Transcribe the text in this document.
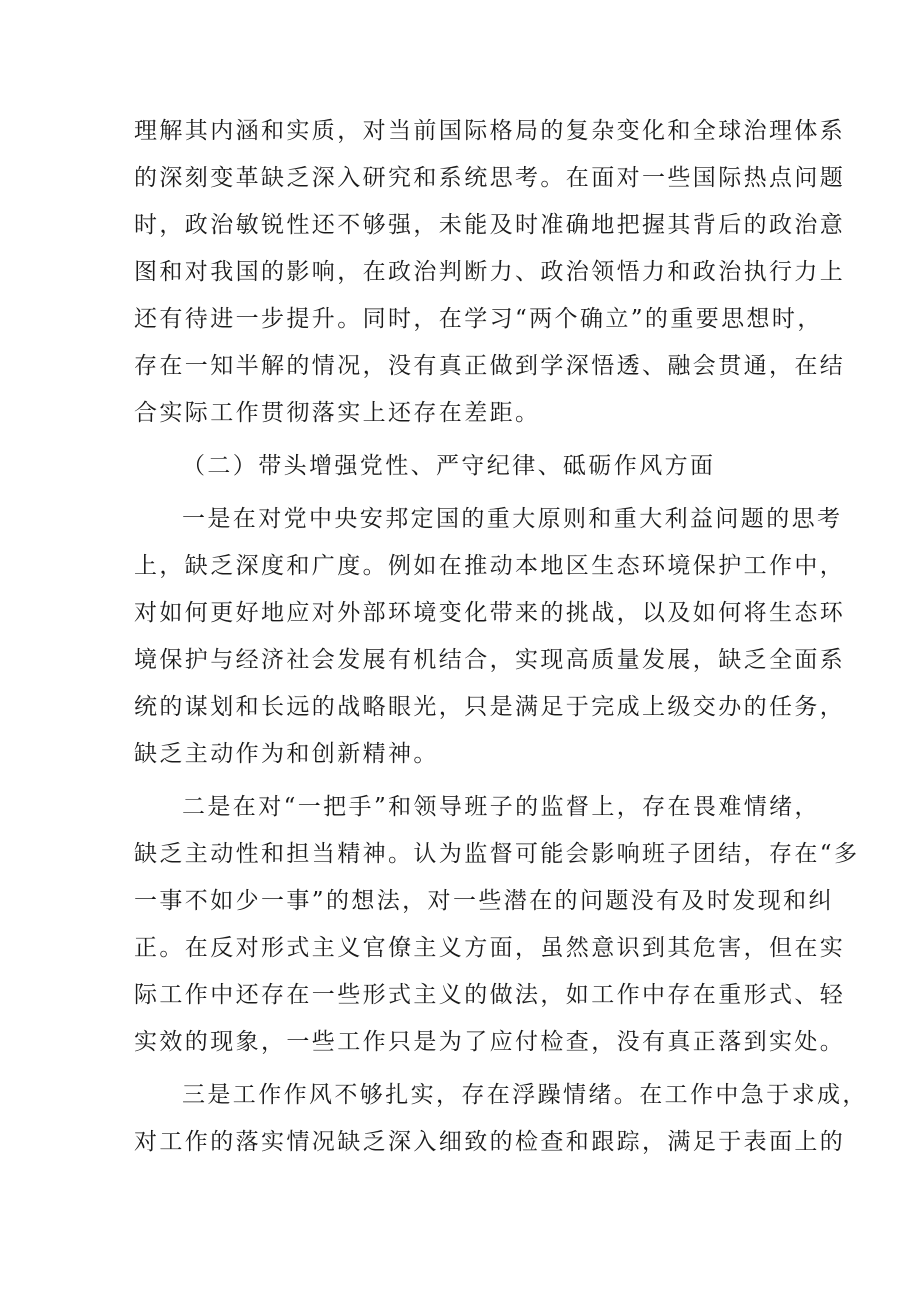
理解其内涵和实质，对当前国际格局的复杂变化和全球治理体系

的深刻变革缺乏深入研究和系统思考。在面对一些国际热点问题

时，政治敏锐性还不够强，未能及时准确地把握其背后的政治意

图和对我国的影响，在政治判断力、政治领悟力和政治执行力上

还有待进一步提升。同时，在学习“两个确立”的重要思想时，

存在一知半解的情况，没有真正做到学深悟透、融会贯通，在结

合实际工作贯彻落实上还存在差距。

（二）带头增强党性、严守纪律、砥砺作风方面

一是在对党中央安邦定国的重大原则和重大利益问题的思考

上，缺乏深度和广度。例如在推动本地区生态环境保护工作中，

对如何更好地应对外部环境变化带来的挑战，以及如何将生态环

境保护与经济社会发展有机结合，实现高质量发展，缺乏全面系

统的谋划和长远的战略眼光，只是满足于完成上级交办的任务，

缺乏主动作为和创新精神。

二是在对“一把手”和领导班子的监督上，存在畏难情绪，

缺乏主动性和担当精神。认为监督可能会影响班子团结，存在“多

一事不如少一事”的想法，对一些潜在的问题没有及时发现和纠

正。在反对形式主义官僚主义方面，虽然意识到其危害，但在实

际工作中还存在一些形式主义的做法，如工作中存在重形式、轻

实效的现象，一些工作只是为了应付检查，没有真正落到实处。

三是工作作风不够扎实，存在浮躁情绪。在工作中急于求成，

对工作的落实情况缺乏深入细致的检查和跟踪，满足于表面上的
